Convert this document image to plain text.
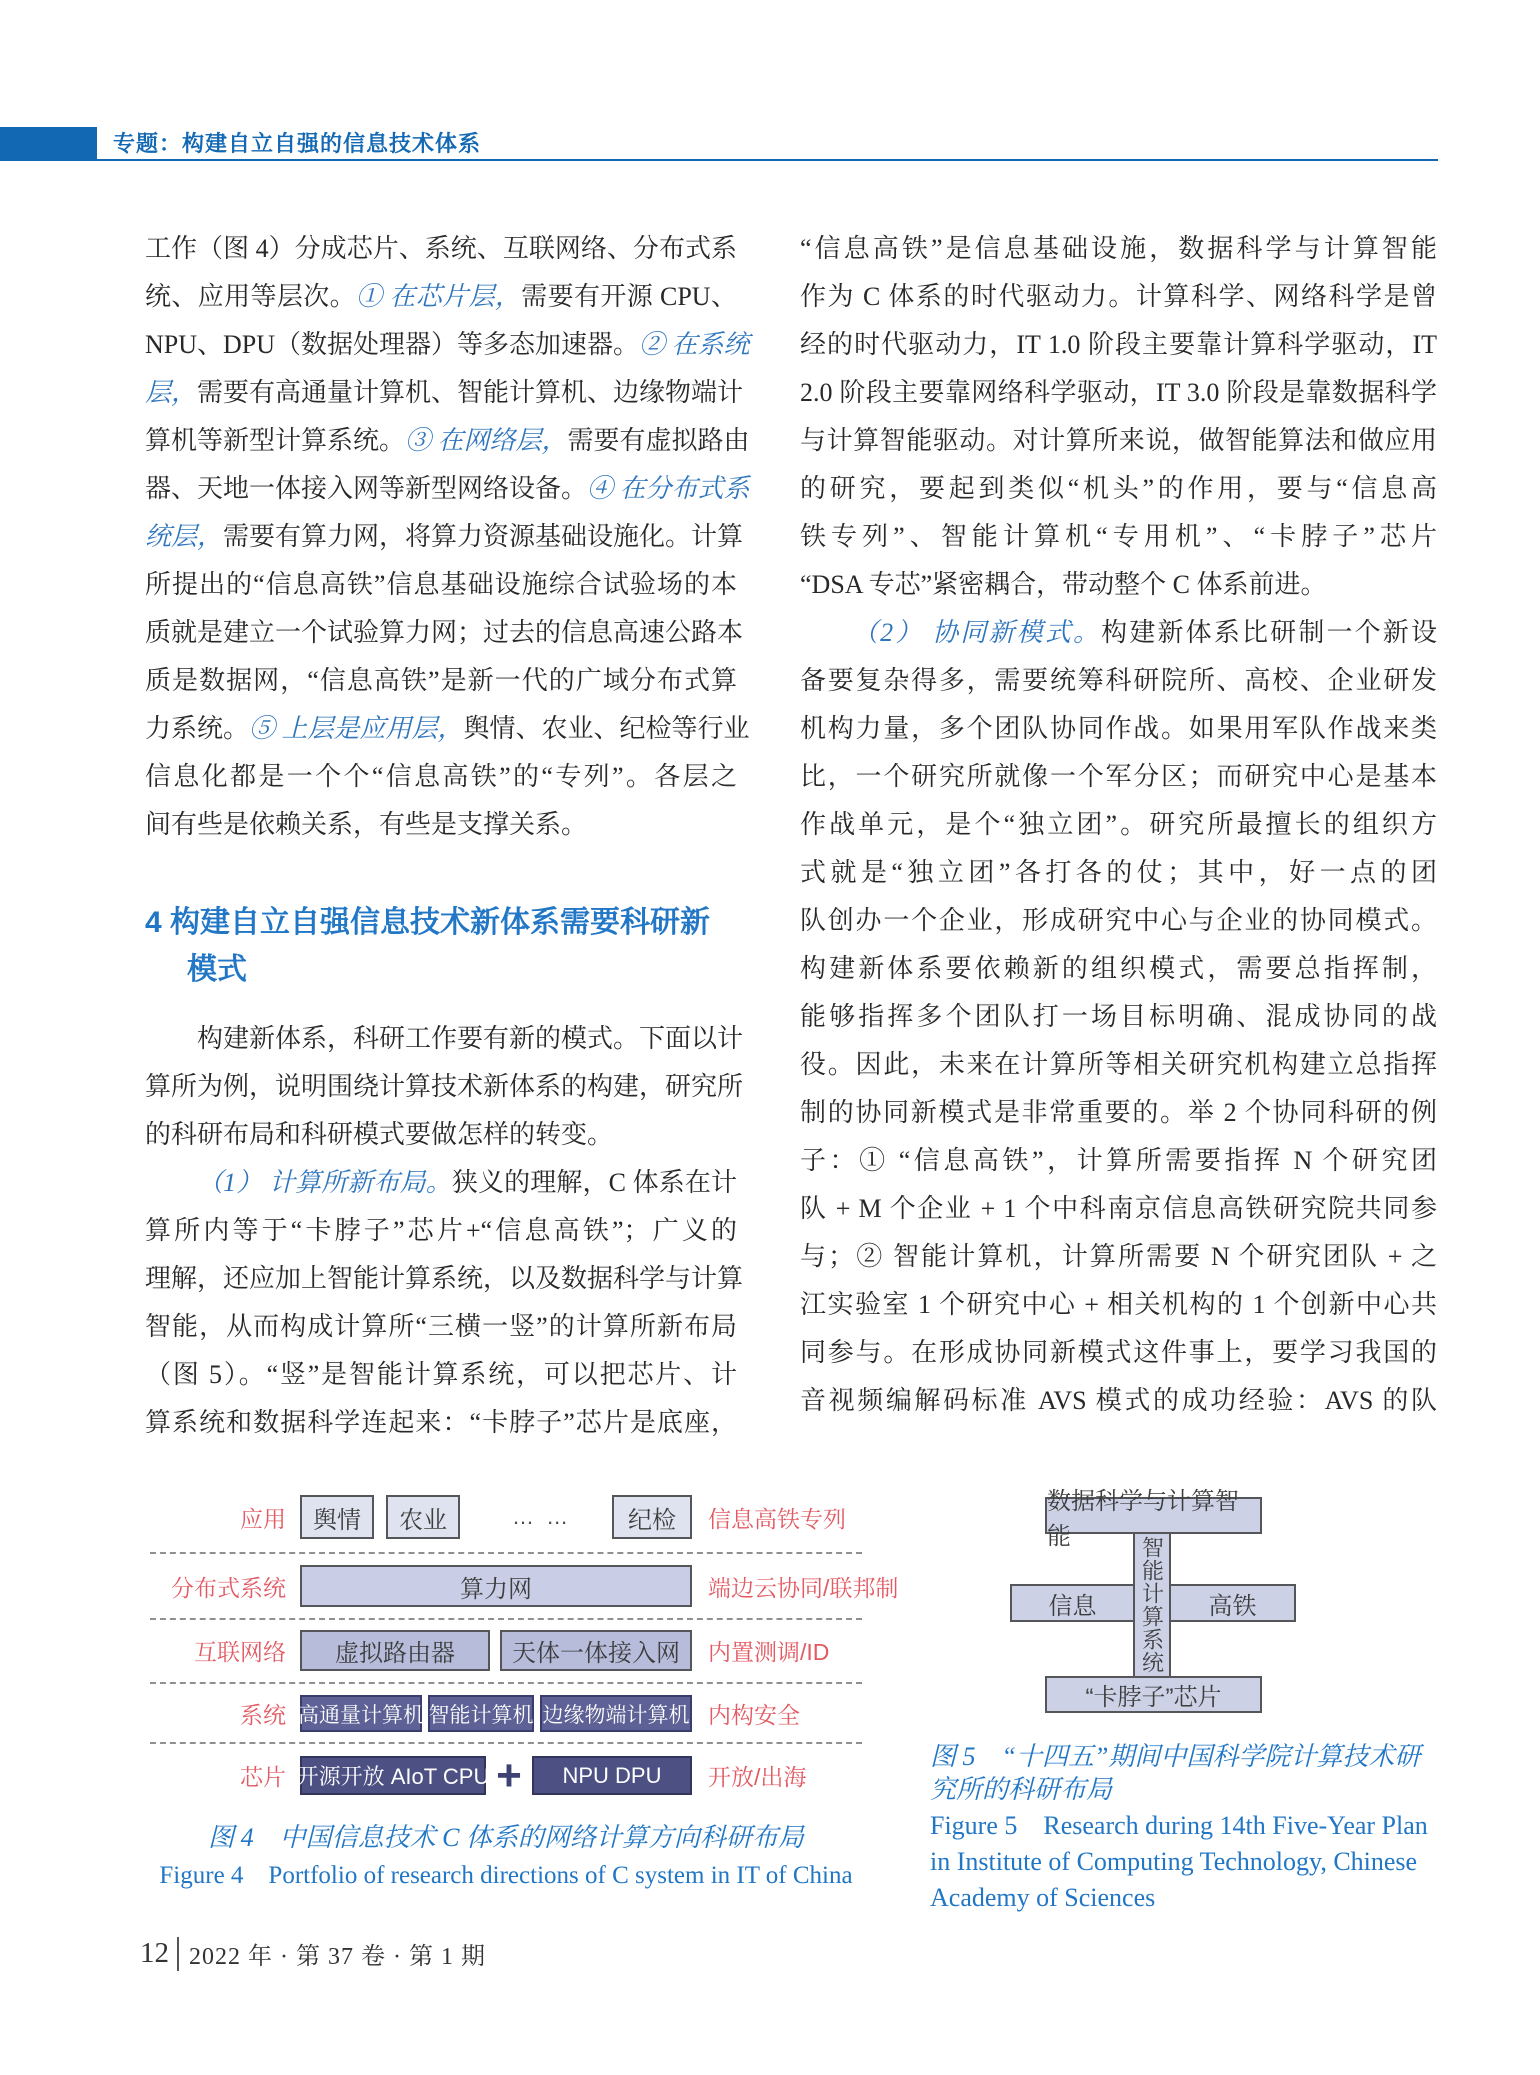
专题：构建自立自强的信息技术体系
工作（图 4）分成芯片、系统、互联网络、分布式系
统、应用等层次。① 在芯片层，需要有开源 CPU、
NPU、DPU（数据处理器）等多态加速器。② 在系统
层，需要有高通量计算机、智能计算机、边缘物端计
算机等新型计算系统。③ 在网络层，需要有虚拟路由
器、天地一体接入网等新型网络设备。④ 在分布式系
统层，需要有算力网，将算力资源基础设施化。计算
所提出的“信息高铁”信息基础设施综合试验场的本
质就是建立一个试验算力网；过去的信息高速公路本
质是数据网，“信息高铁”是新一代的广域分布式算
力系统。⑤ 上层是应用层，舆情、农业、纪检等行业
信息化都是一个个“信息高铁”的“专列”。各层之
间有些是依赖关系，有些是支撑关系。
4 构建自立自强信息技术新体系需要科研新
模式
构建新体系，科研工作要有新的模式。下面以计
算所为例，说明围绕计算技术新体系的构建，研究所
的科研布局和科研模式要做怎样的转变。
（1） 计算所新布局。狭义的理解，C 体系在计
算所内等于“卡脖子”芯片+“信息高铁”；广义的
理解，还应加上智能计算系统，以及数据科学与计算
智能，从而构成计算所“三横一竖”的计算所新布局
（图 5）。“竖”是智能计算系统，可以把芯片、计
算系统和数据科学连起来：“卡脖子”芯片是底座，
“信息高铁”是信息基础设施，数据科学与计算智能
作为 C 体系的时代驱动力。计算科学、网络科学是曾
经的时代驱动力，IT 1.0 阶段主要靠计算科学驱动，IT
2.0 阶段主要靠网络科学驱动，IT 3.0 阶段是靠数据科学
与计算智能驱动。对计算所来说，做智能算法和做应用
的研究，要起到类似“机头”的作用，要与“信息高
铁专列”、智能计算机“专用机”、“卡脖子”芯片
“DSA 专芯”紧密耦合，带动整个 C 体系前进。
（2） 协同新模式。构建新体系比研制一个新设
备要复杂得多，需要统筹科研院所、高校、企业研发
机构力量，多个团队协同作战。如果用军队作战来类
比，一个研究所就像一个军分区；而研究中心是基本
作战单元，是个“独立团”。研究所最擅长的组织方
式就是“独立团”各打各的仗；其中，好一点的团
队创办一个企业，形成研究中心与企业的协同模式。
构建新体系要依赖新的组织模式，需要总指挥制，
能够指挥多个团队打一场目标明确、混成协同的战
役。因此，未来在计算所等相关研究机构建立总指挥
制的协同新模式是非常重要的。举 2 个协同科研的例
子：① “信息高铁”，计算所需要指挥 N 个研究团
队 + M 个企业 + 1 个中科南京信息高铁研究院共同参
与；② 智能计算机，计算所需要 N 个研究团队 + 之
江实验室 1 个研究中心 + 相关机构的 1 个创新中心共
同参与。在形成协同新模式这件事上，要学习我国的
音视频编解码标准 AVS 模式的成功经验：AVS 的队
应用	舆情	农业	… …	纪检	信息高铁专列
分布式系统	算力网	端边云协同/联邦制
互联网络	虚拟路由器	天体一体接入网	内置测调/ID
系统 高通量计算机 智能计算机 边缘物端计算机 内构安全
芯片 开源开放 AIoT CPU +	NPU DPU	开放/出海
图 4　中国信息技术 C 体系的网络计算方向科研布局
Figure 4　Portfolio of research directions of C system in IT of China
数据科学与计算智能
信息	高铁
智能计算系统
“卡脖子”芯片
图 5　“十四五”期间中国科学院计算技术研究所的科研布局
Figure 5　Research during 14th Five-Year Plan in Institute of Computing Technology, Chinese Academy of Sciences
12 2022 年 · 第 37 卷 · 第 1 期
